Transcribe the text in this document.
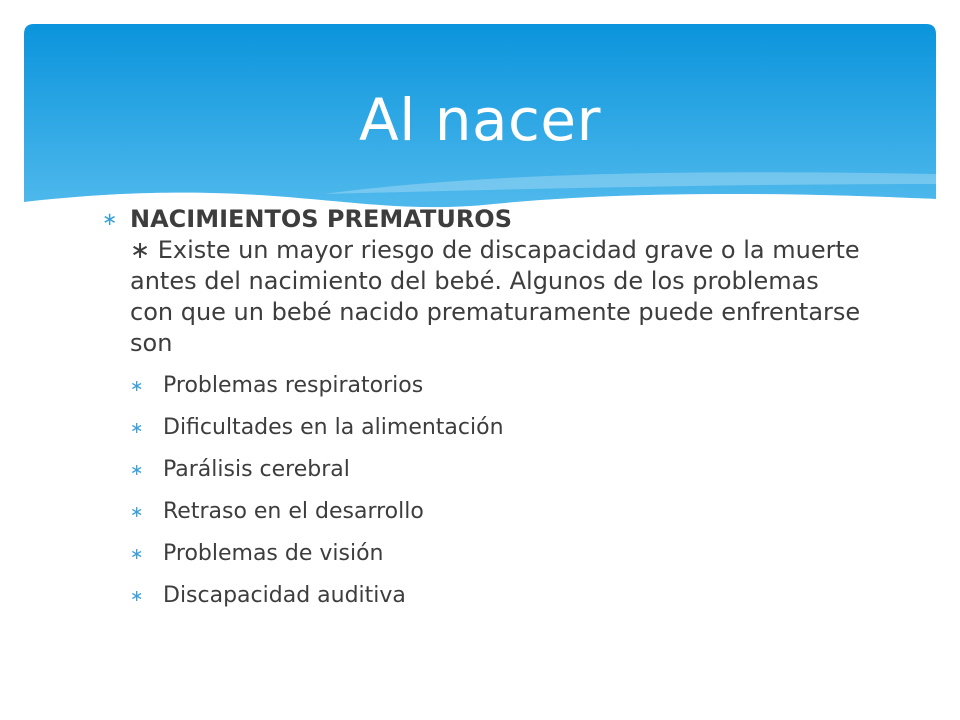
Al nacer
∗ NACIMIENTOS PREMATUROS
∗ Existe un mayor riesgo de discapacidad grave o la muerte antes del nacimiento del bebé. Algunos de los problemas con que un bebé nacido prematuramente puede enfrentarse son
∗ Problemas respiratorios
∗ Dificultades en la alimentación
∗ Parálisis cerebral
∗ Retraso en el desarrollo
∗ Problemas de visión
∗ Discapacidad auditiva
